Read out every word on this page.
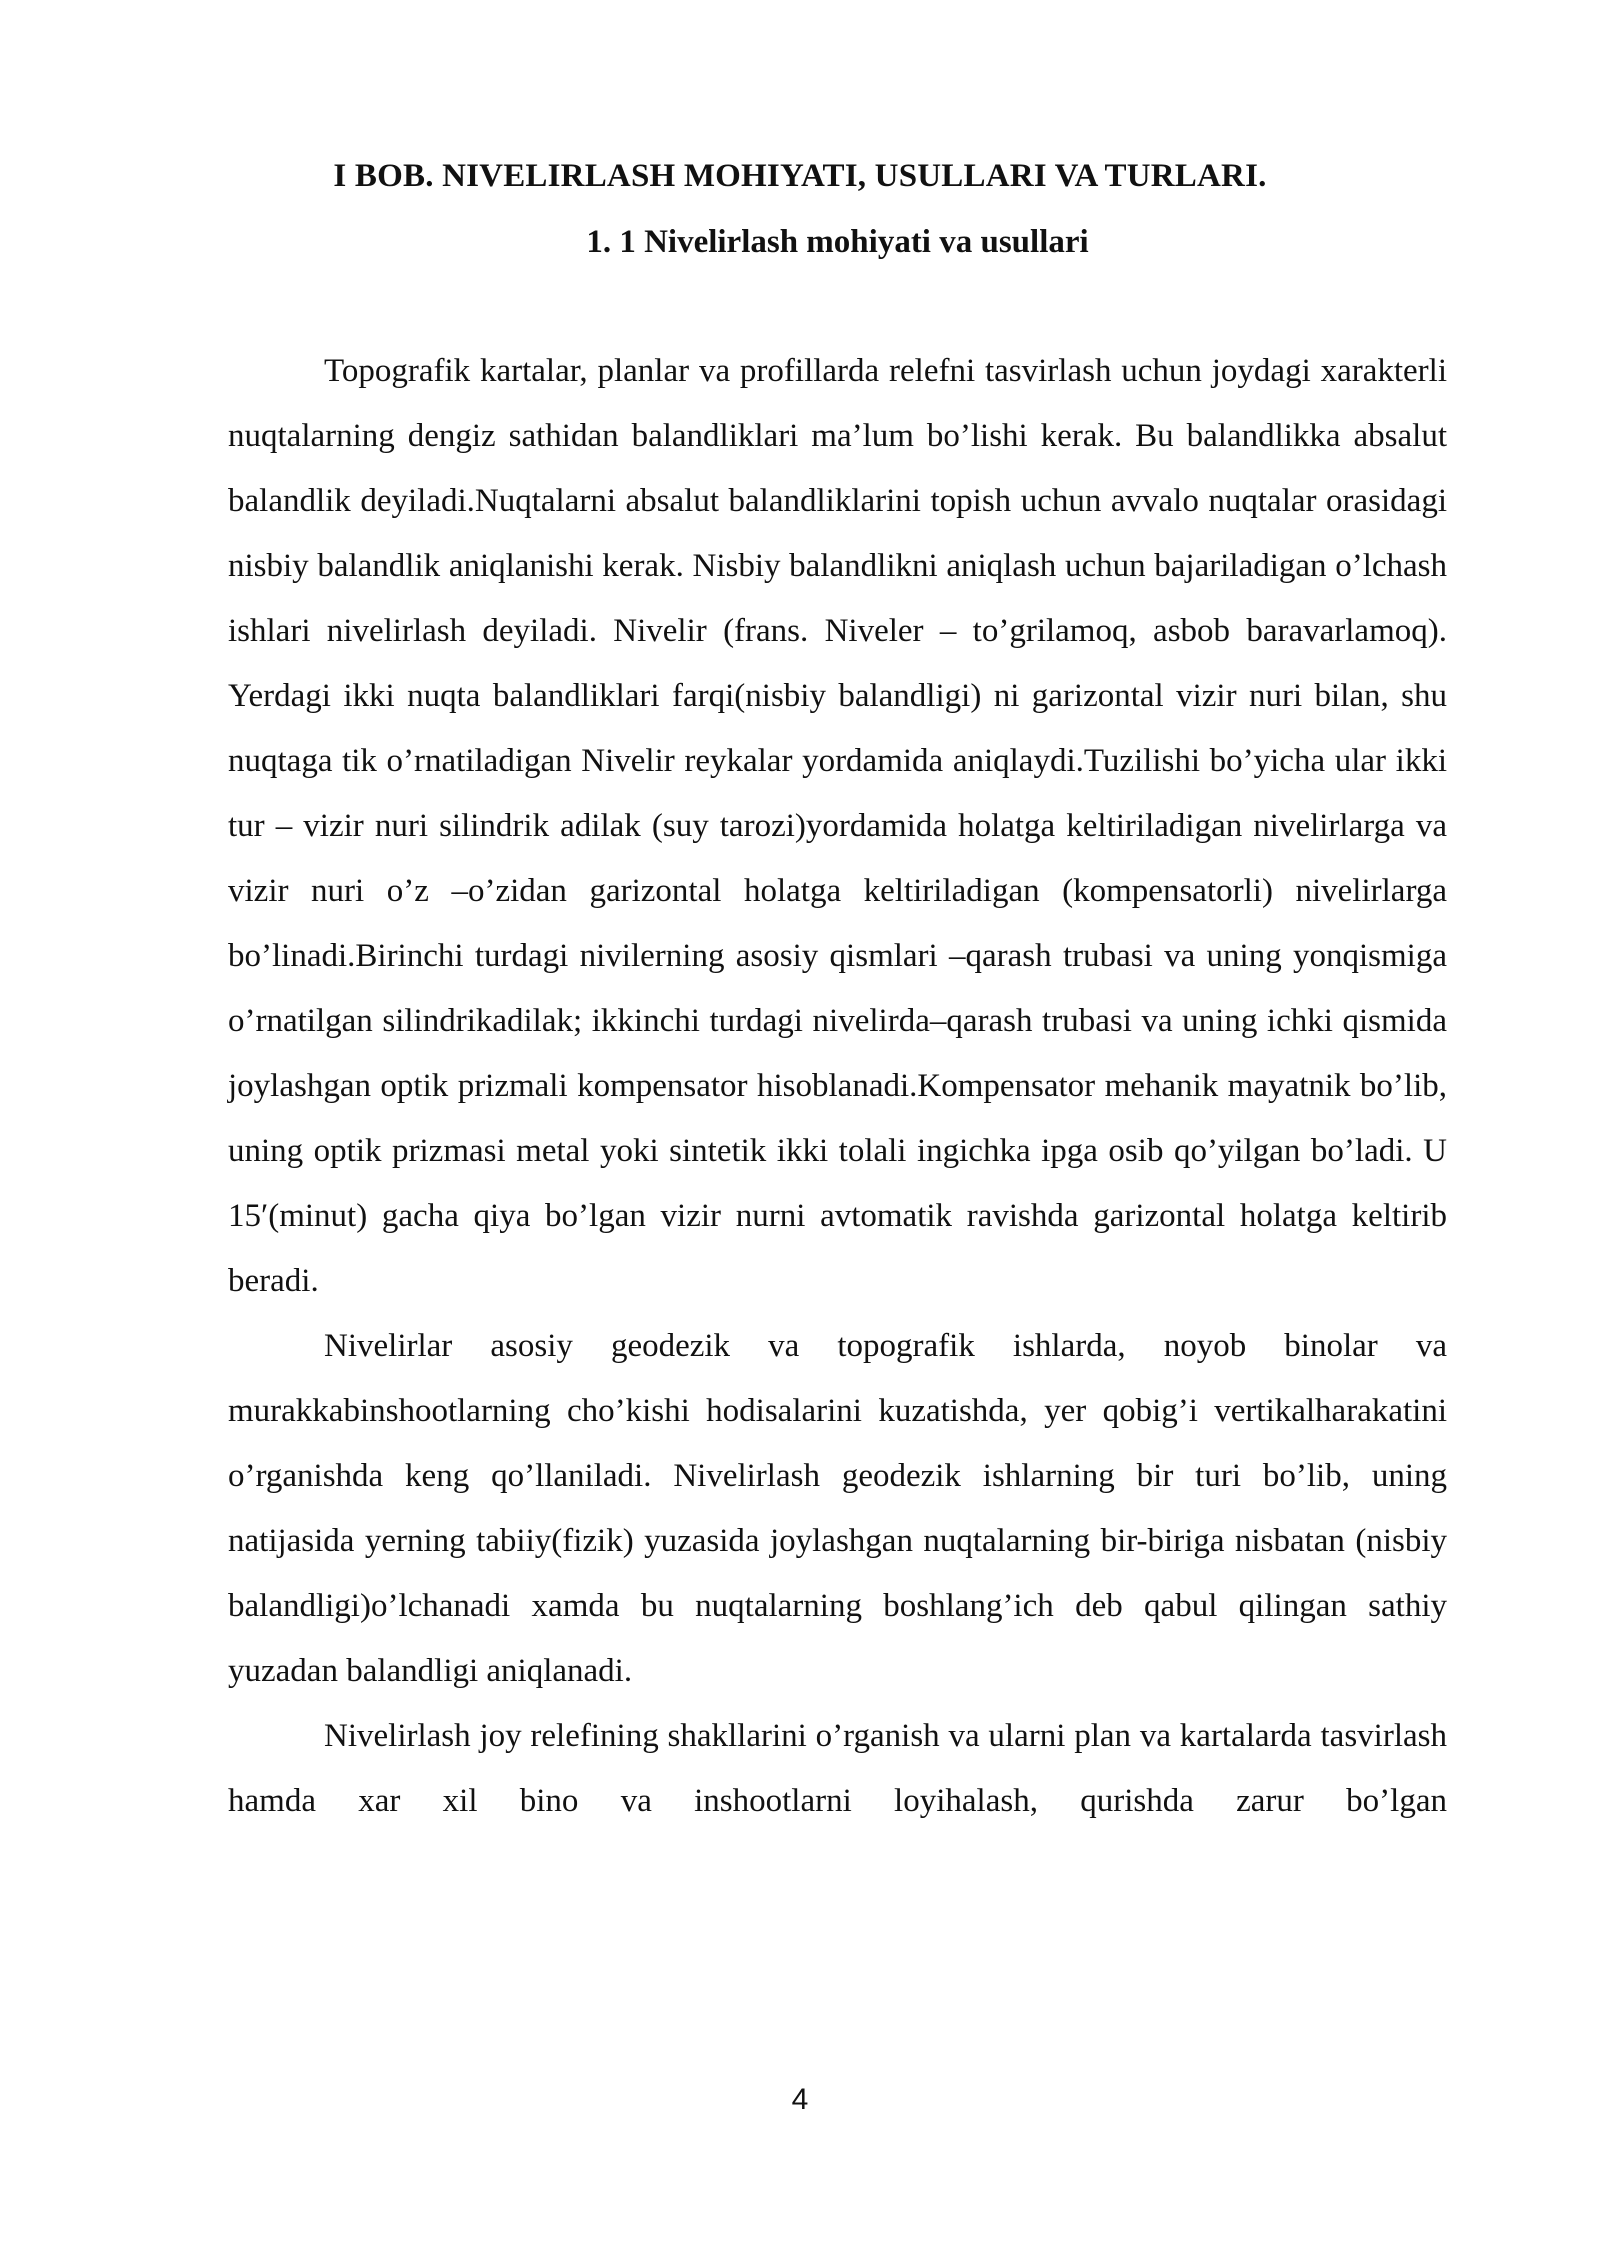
I BOB. NIVELIRLASH MOHIYATI, USULLARI VA TURLARI.
1. 1 Nivelirlash mohiyati va usullari

Topografik kartalar, planlar va profillarda relefni tasvirlash uchun joydagi xarakterli nuqtalarning dengiz sathidan balandliklari ma’lum bo’lishi kerak. Bu balandlikka absalut balandlik deyiladi.Nuqtalarni absalut balandliklarini topish uchun avvalo nuqtalar orasidagi nisbiy balandlik aniqlanishi kerak. Nisbiy balandlikni aniqlash uchun bajariladigan o’lchash ishlari nivelirlash deyiladi. Nivelir (frans. Niveler – to’grilamoq, asbob baravarlamoq). Yerdagi ikki nuqta balandliklari farqi(nisbiy balandligi) ni garizontal vizir nuri bilan, shu nuqtaga tik o’rnatiladigan Nivelir reykalar yordamida aniqlaydi.Tuzilishi bo’yicha ular ikki tur – vizir nuri silindrik adilak (suy tarozi)yordamida holatga keltiriladigan nivelirlarga va vizir nuri o’z –o’zidan garizontal holatga keltiriladigan (kompensatorli) nivelirlarga bo’linadi.Birinchi turdagi nivilerning asosiy qismlari –qarash trubasi va uning yonqismiga o’rnatilgan silindrikadilak; ikkinchi turdagi nivelirda–qarash trubasi va uning ichki qismida joylashgan optik prizmali kompensator hisoblanadi.Kompensator mehanik mayatnik bo’lib, uning optik prizmasi metal yoki sintetik ikki tolali ingichka ipga osib qo’yilgan bo’ladi. U 15′(minut) gacha qiya bo’lgan vizir nurni avtomatik ravishda garizontal holatga keltirib beradi.

Nivelirlar asosiy geodezik va topografik ishlarda, noyob binolar va murakkabinshootlarning cho’kishi hodisalarini kuzatishda, yer qobig’i vertikalharakatini o’rganishda keng qo’llaniladi. Nivelirlash geodezik ishlarning bir turi bo’lib, uning natijasida yerning tabiiy(fizik) yuzasida joylashgan nuqtalarning bir-biriga nisbatan (nisbiy balandligi)o’lchanadi xamda bu nuqtalarning boshlang’ich deb qabul qilingan sathiy yuzadan balandligi aniqlanadi.

Nivelirlash joy relefining shakllarini o’rganish va ularni plan va kartalarda tasvirlash hamda xar xil bino va inshootlarni loyihalash, qurishda zarur bo’lgan

4
